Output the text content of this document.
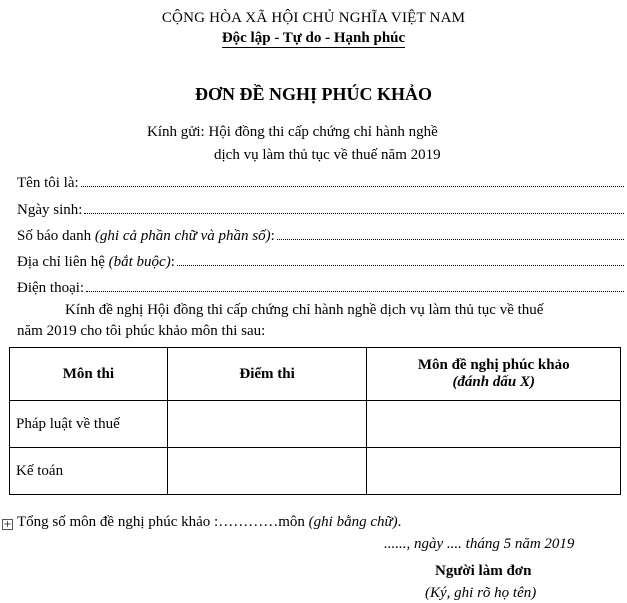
CỘNG HÒA XÃ HỘI CHỦ NGHĨA VIỆT NAM
Độc lập - Tự do - Hạnh phúc
ĐƠN ĐỀ NGHỊ PHÚC KHẢO
Kính gửi: Hội đồng thi cấp chứng chỉ hành nghề
dịch vụ làm thủ tục về thuế năm 2019
Tên tôi là:
Ngày sinh:
Số báo danh (ghi cả phần chữ và phần số) :
Địa chỉ liên hệ (bắt buộc) :
Điện thoại:
Kính đề nghị Hội đồng thi cấp chứng chỉ hành nghề dịch vụ làm thủ tục về thuế
năm 2019 cho tôi phúc khảo môn thi sau:
Môn thi	Điểm thi	Môn đề nghị phúc khảo
(đánh dấu X)

Pháp luật về thuế		
Kế toán		
+ Tổng số môn đề nghị phúc khảo :…………môn (ghi bằng chữ).
......, ngày .... tháng 5 năm 2019
Người làm đơn
(Ký, ghi rõ họ tên)
